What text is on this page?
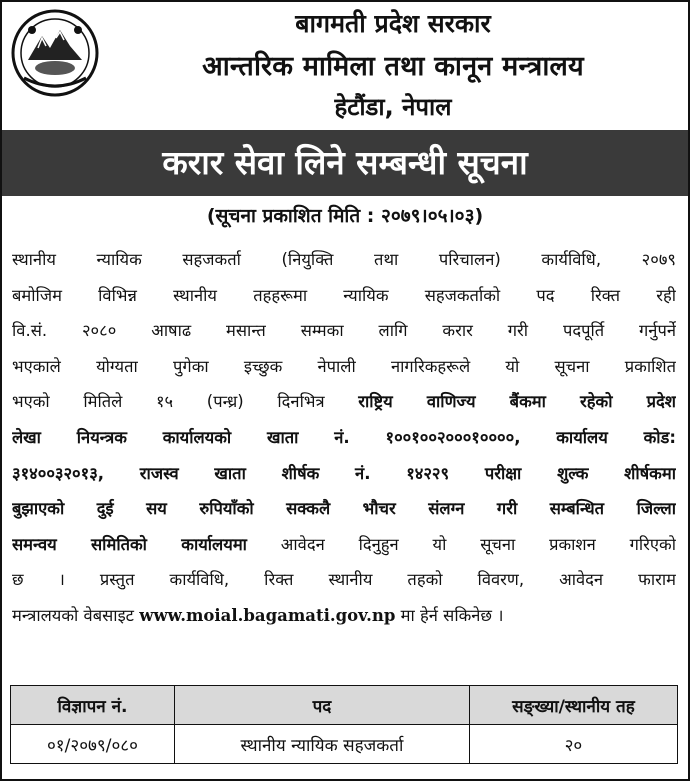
बागमती प्रदेश सरकार
आन्तरिक मामिला तथा कानून मन्त्रालय
हेटौंडा, नेपाल
करार सेवा लिने सम्बन्धी सूचना
(सूचना प्रकाशित मिति : २०७९।०५।०३)
स्थानीय न्यायिक सहजकर्ता (नियुक्ति तथा परिचालन) कार्यविधि, २०७९
बमोजिम विभिन्न स्थानीय तहहरूमा न्यायिक सहजकर्ताको पद रिक्त रही
वि.सं. २०८० आषाढ मसान्त सम्मका लागि करार गरी पदपूर्ति गर्नुपर्ने
भएकाले योग्यता पुगेका इच्छुक नेपाली नागरिकहरूले यो सूचना प्रकाशित
भएको मितिले १५ (पन्ध्र) दिनभित्र राष्ट्रिय वाणिज्य बैंकमा रहेको प्रदेश
लेखा नियन्त्रक कार्यालयको खाता नं. १००१००२०००१००००, कार्यालय कोड:
३१४००३२०१३, राजस्व खाता शीर्षक नं. १४२२९ परीक्षा शुल्क शीर्षकमा
बुझाएको दुई सय रुपियाँको सक्कलै भौचर संलग्न गरी सम्बन्धित जिल्ला
समन्वय समितिको कार्यालयमा आवेदन दिनुहुन यो सूचना प्रकाशन गरिएको
छ । प्रस्तुत कार्यविधि, रिक्त स्थानीय तहको विवरण, आवेदन फाराम
मन्त्रालयको वेबसाइट www.moial.bagamati.gov.np मा हेर्न सकिनेछ ।
विज्ञापन नं.	पद	सङ्ख्या/स्थानीय तह
०१/२०७९/०८०	स्थानीय न्यायिक सहजकर्ता	२०
